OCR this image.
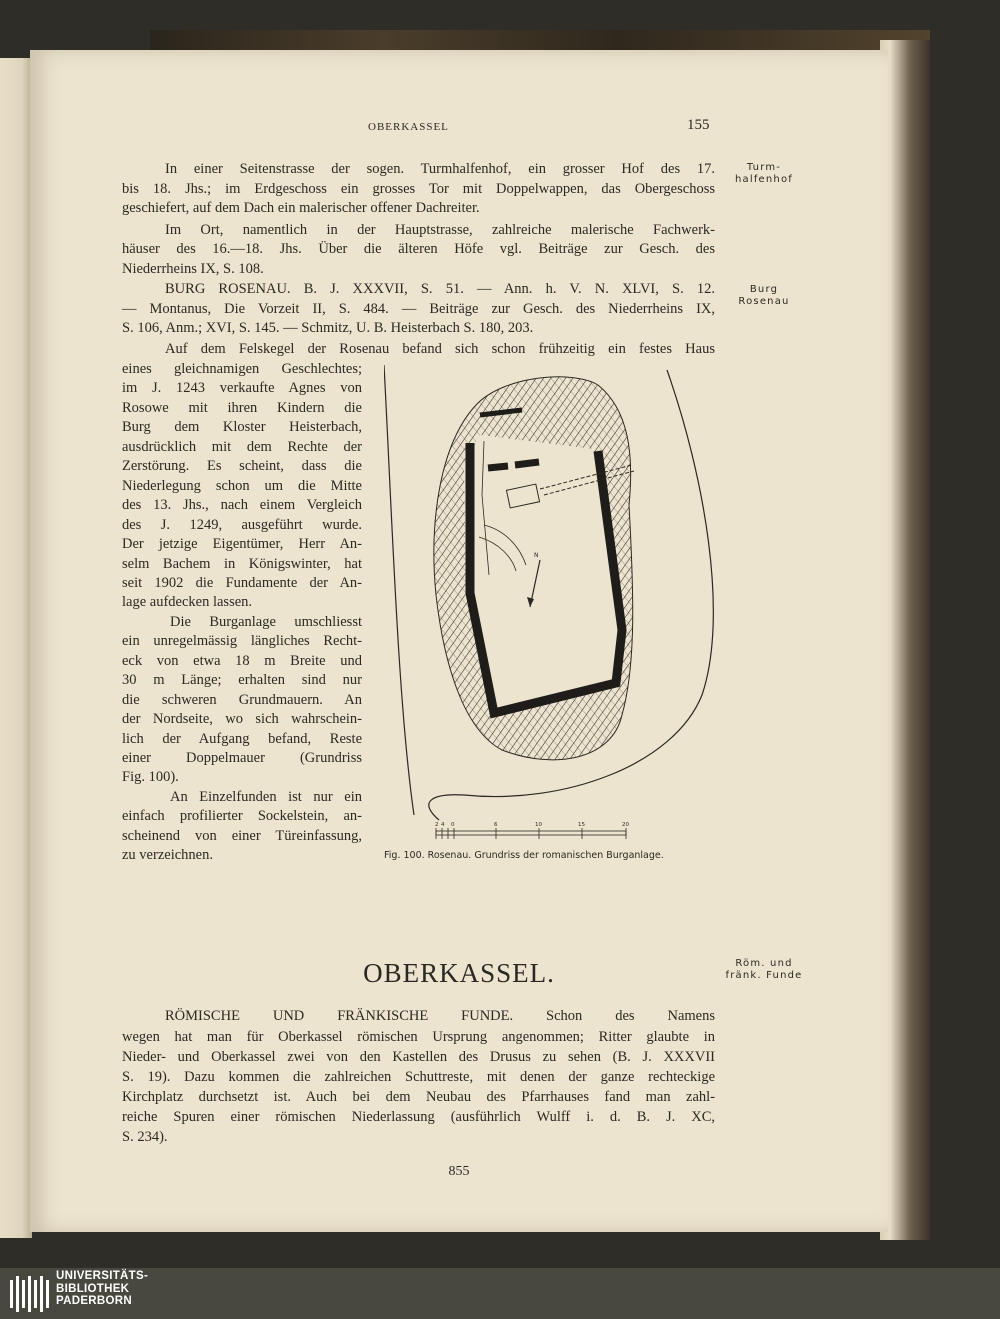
OBERKASSEL	155
In einer Seitenstrasse der sogen. Turmhalfenhof, ein grosser Hof des 17.
bis 18. Jhs.; im Erdgeschoss ein grosses Tor mit Doppelwappen, das Obergeschoss
geschiefert, auf dem Dach ein malerischer offener Dachreiter.
Im Ort, namentlich in der Hauptstrasse, zahlreiche malerische Fachwerk-
häuser des 16.—18. Jhs. Über die älteren Höfe vgl. Beiträge zur Gesch. des
Niederrheins IX, S. 108.
BURG ROSENAU. B. J. XXXVII, S. 51. — Ann. h. V. N. XLVI, S. 12.
— Montanus, Die Vorzeit II, S. 484. — Beiträge zur Gesch. des Niederrheins IX,
S. 106, Anm.; XVI, S. 145. — Schmitz, U. B. Heisterbach S. 180, 203.
Auf dem Felskegel der Rosenau befand sich schon frühzeitig ein festes Haus
eines gleichnamigen Geschlechtes;
im J. 1243 verkaufte Agnes von
Rosowe mit ihren Kindern die
Burg dem Kloster Heisterbach,
ausdrücklich mit dem Rechte der
Zerstörung. Es scheint, dass die
Niederlegung schon um die Mitte
des 13. Jhs., nach einem Vergleich
des J. 1249, ausgeführt wurde.
Der jetzige Eigentümer, Herr An-
selm Bachem in Königswinter, hat
seit 1902 die Fundamente der An-
lage aufdecken lassen.
Die Burganlage umschliesst
ein unregelmässig längliches Recht-
eck von etwa 18 m Breite und
30 m Länge; erhalten sind nur
die schweren Grundmauern. An
der Nordseite, wo sich wahrschein-
lich der Aufgang befand, Reste
einer Doppelmauer (Grundriss
Fig. 100).
An Einzelfunden ist nur ein
einfach profilierter Sockelstein, an-
scheinend von einer Türeinfassung,
zu verzeichnen.
OBERKASSEL.
RÖMISCHE UND FRÄNKISCHE FUNDE. Schon des Namens
wegen hat man für Oberkassel römischen Ursprung angenommen; Ritter glaubte in
Nieder- und Oberkassel zwei von den Kastellen des Drusus zu sehen (B. J. XXXVII
S. 19). Dazu kommen die zahlreichen Schuttreste, mit denen der ganze rechteckige
Kirchplatz durchsetzt ist. Auch bei dem Neubau des Pfarrhauses fand man zahl-
reiche Spuren einer römischen Niederlassung (ausführlich Wulff i. d. B. J. XC,
S. 234).
855
Turm-
halfenhof
Burg
Rosenau
Röm. und
fränk. Funde
N
2 4 0	6	10	15	20
Fig. 100. Rosenau. Grundriss der romanischen Burganlage.
UNIVERSITÄTS-
BIBLIOTHEK
PADERBORN
